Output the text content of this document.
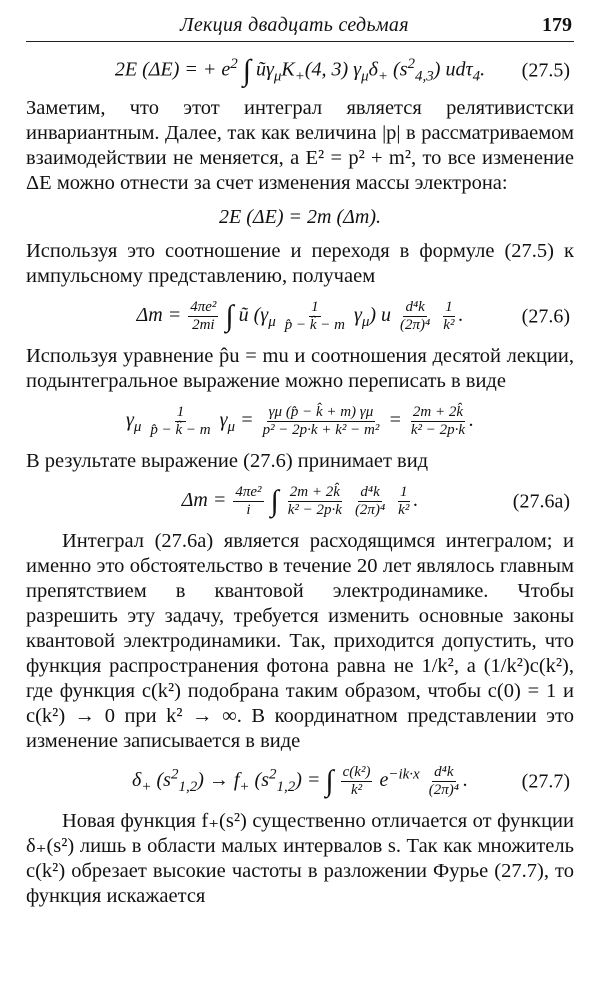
Лекция двадцать седьмая	179
2E (ΔE) = + $e^2$ ∫ $ũ\gamma_\mu K_+(4$, 3) $\gamma_\mu\delta_+$ $(s^2_{4,3})$ udτ$_4$. (27.5)

Заметим, что этот интеграл является релятивистски инвариантным. Далее, так как величина |p| в рассматриваемом взаимодействии не меняется, а E² = p² + m², то все изменение ΔE можно отнести за счет изменения массы электрона:

2E (ΔE) = 2m (Δm).

Используя это соотношение и переходя в формуле (27.5) к импульсному представлению, получаем

$\Delta m = \frac{\text{4πe²}}{2mi}$ ∫ ũ $(\gamma_\mu \frac{1}{p̂ - k̂ - m} \gamma_\mu)$ u $\frac{\text{d⁴k}}{\text{(2π)⁴}}$
$\frac{1}{\text{k²}}$ .	(27.6)

Используя уравнение p̂u = mu и соотношения десятой лекции, подынтегральное выражение можно переписать в виде

$\gamma_\mu \frac{1}{p̂ - k̂ - m} \gamma_\mu = \frac{\gamma\mu (p̂ - k̂ + m) \gamma\mu}{\text{p² − 2p·k + k² − m²}} = \frac{2m + 2k̂}{\text{k² − 2p·k}}$ .

В результате выражение (27.6) принимает вид

$\Delta m = \frac{\text{4πe²}}{i}$ ∫ $\frac{2m + 2k̂}{\text{k² − 2p·k}}$
$\frac{\text{d⁴k}}{\text{(2π)⁴}}$
$\frac{1}{\text{k²}}$ .	(27.6a)

Интеграл (27.6a) является расходящимся интегралом; и именно это обстоятельство в течение 20 лет являлось главным препятствием в квантовой электродинамике. Чтобы разрешить эту задачу, требуется изменить основные законы квантовой электродинамики. Так, приходится допустить, что функция распространения фотона равна не 1/k², а (1/k²)c(k²), где функция c(k²) подобрана таким образом, чтобы c(0) = 1 и c(k²) → 0 при k² → ∞. В координатном представлении это изменение записывается в виде

$\delta_+$ $(s^2_{1,2}) \to f_+$ $(s^2_{1,2})$ = ∫ $\frac{\text{c(k²)}}{\text{k²}} e^{-ik\cdot x} \frac{\text{d⁴k}}{\text{(2π)⁴}}$ .	(27.7)

Новая функция f₊(s²) существенно отличается от функции δ₊(s²) лишь в области малых интервалов s. Так как множитель c(k²) обрезает высокие частоты в разложении Фурье (27.7), то функция искажается
